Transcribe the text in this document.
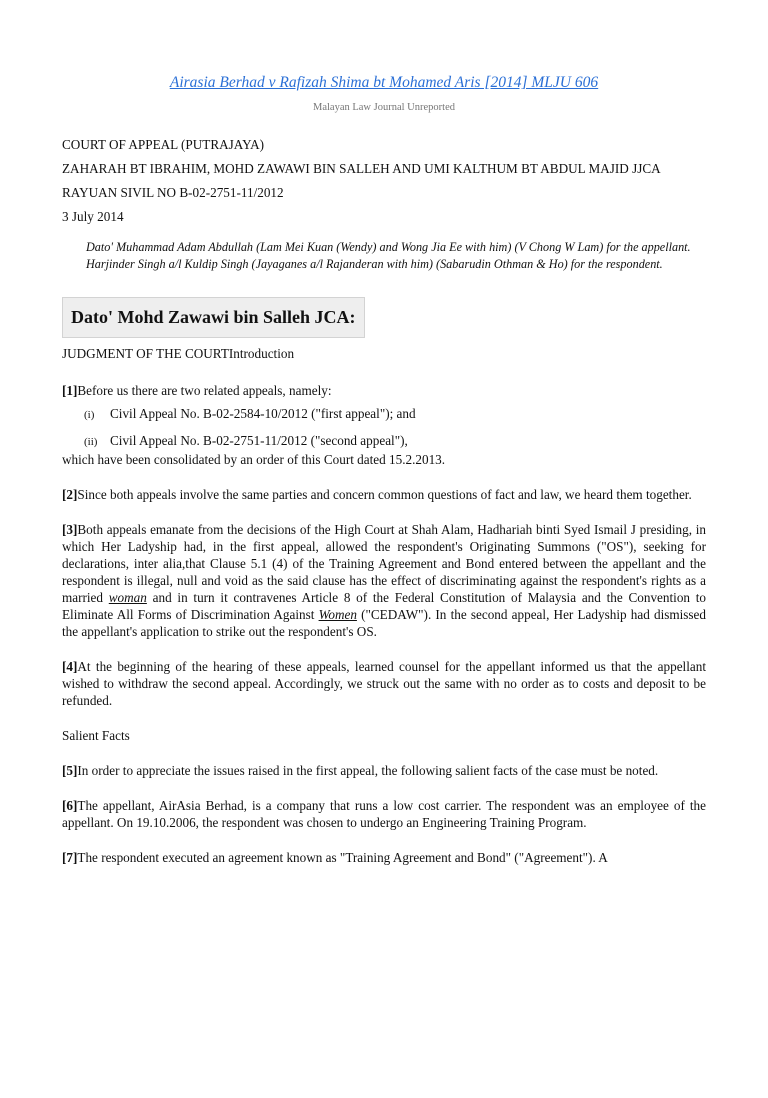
Airasia Berhad v Rafizah Shima bt Mohamed Aris [2014] MLJU 606
Malayan Law Journal Unreported

COURT OF APPEAL (PUTRAJAYA)

ZAHARAH BT IBRAHIM, MOHD ZAWAWI BIN SALLEH AND UMI KALTHUM BT ABDUL MAJID JJCA

RAYUAN SIVIL NO B-02-2751-11/2012

3 July 2014

Dato' Muhammad Adam Abdullah (Lam Mei Kuan (Wendy) and Wong Jia Ee with him) (V Chong W Lam) for the appellant.

Harjinder Singh a/l Kuldip Singh (Jayaganes a/l Rajanderan with him) (Sabarudin Othman & Ho) for the respondent.

Dato' Mohd Zawawi bin Salleh JCA:

JUDGMENT OF THE COURTIntroduction

[1]Before us there are two related appeals, namely:

(i) Civil Appeal No. B-02-2584-10/2012 ("first appeal"); and
(ii) Civil Appeal No. B-02-2751-11/2012 ("second appeal"),

which have been consolidated by an order of this Court dated 15.2.2013.

[2]Since both appeals involve the same parties and concern common questions of fact and law, we heard them together.

[3]Both appeals emanate from the decisions of the High Court at Shah Alam, Hadhariah binti Syed Ismail J presiding, in which Her Ladyship had, in the first appeal, allowed the respondent's Originating Summons ("OS"), seeking for declarations, inter alia,that Clause 5.1 (4) of the Training Agreement and Bond entered between the appellant and the respondent is illegal, null and void as the said clause has the effect of discriminating against the respondent's rights as a married woman and in turn it contravenes Article 8 of the Federal Constitution of Malaysia and the Convention to Eliminate All Forms of Discrimination Against Women ("CEDAW"). In the second appeal, Her Ladyship had dismissed the appellant's application to strike out the respondent's OS.

[4]At the beginning of the hearing of these appeals, learned counsel for the appellant informed us that the appellant wished to withdraw the second appeal. Accordingly, we struck out the same with no order as to costs and deposit to be refunded.

Salient Facts

[5]In order to appreciate the issues raised in the first appeal, the following salient facts of the case must be noted.

[6]The appellant, AirAsia Berhad, is a company that runs a low cost carrier. The respondent was an employee of the appellant. On 19.10.2006, the respondent was chosen to undergo an Engineering Training Program.

[7]The respondent executed an agreement known as "Training Agreement and Bond" ("Agreement"). A
